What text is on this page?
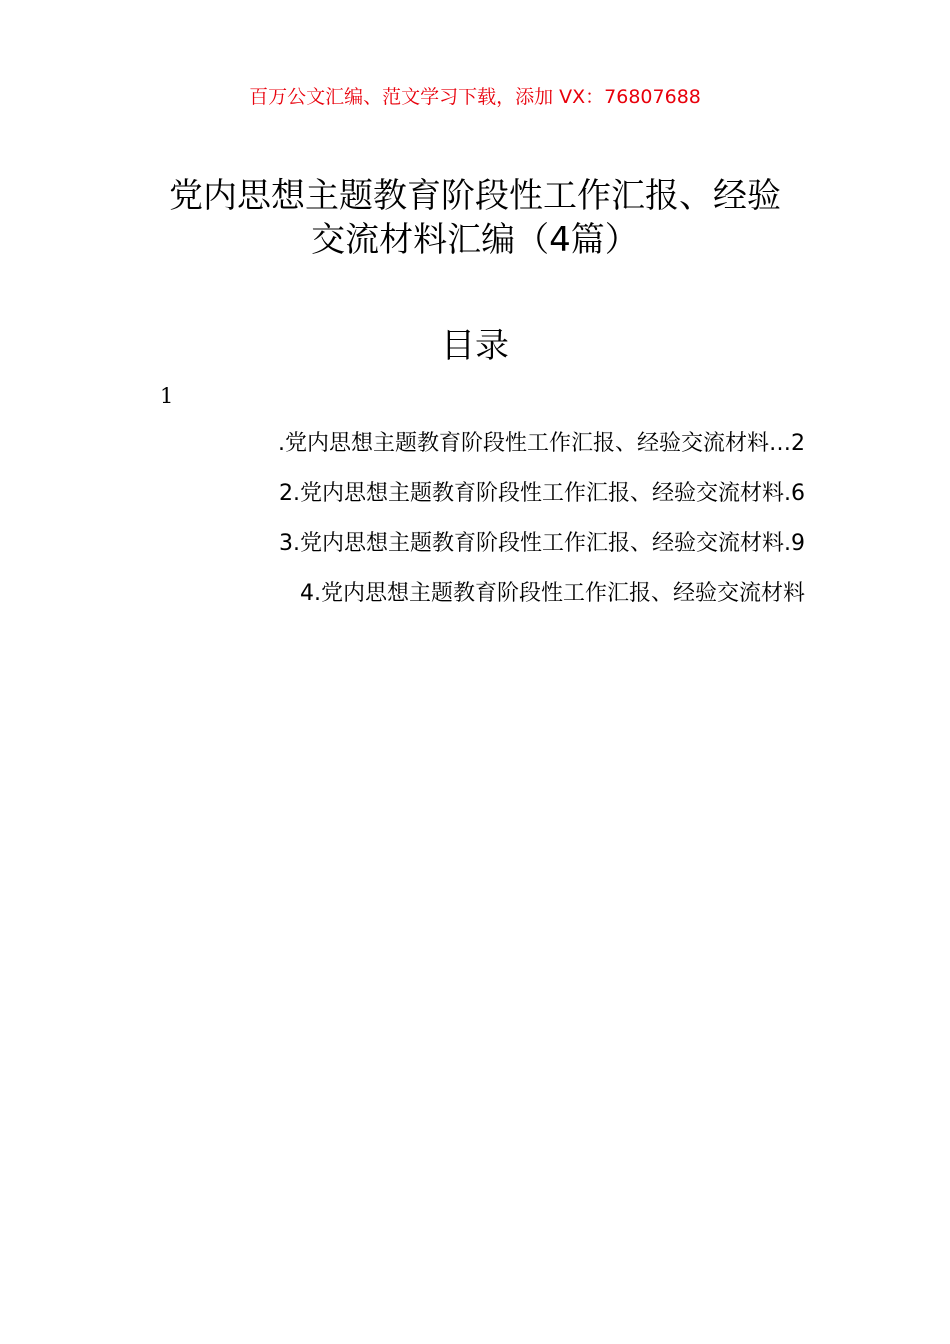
百万公文汇编、范文学习下载，添加 VX：76807688
党内思想主题教育阶段性工作汇报、经验
交流材料汇编（4篇）
目录
1
.党内思想主题教育阶段性工作汇报、经验交流材料…2
2.党内思想主题教育阶段性工作汇报、经验交流材料.6
3.党内思想主题教育阶段性工作汇报、经验交流材料.9
4.党内思想主题教育阶段性工作汇报、经验交流材料
